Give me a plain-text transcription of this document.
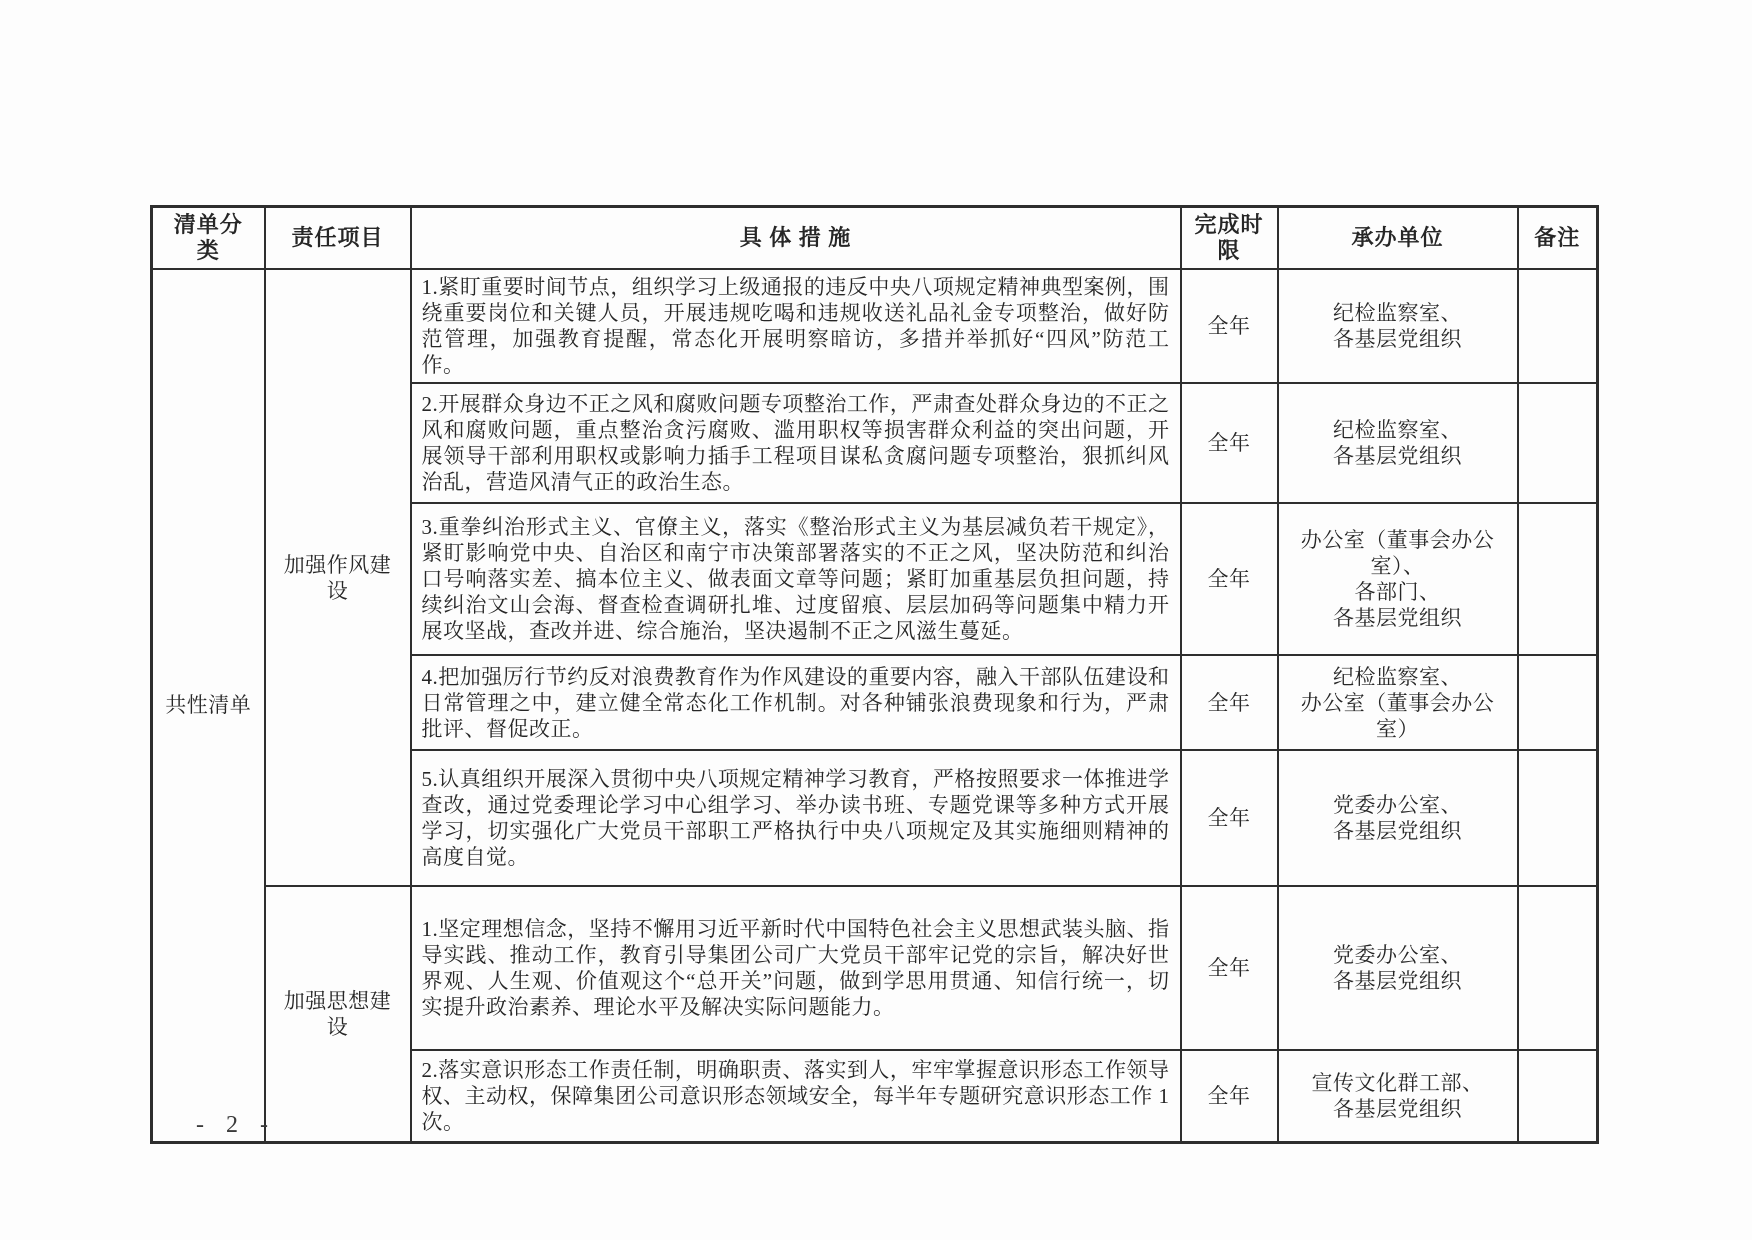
清单分类	责任项目	具 体 措 施	完成时限	承办单位	备注
共性清单	加强作风建设	1.紧盯重要时间节点，组织学习上级通报的违反中央八项规定精神典型案例，围绕重要岗位和关键人员，开展违规吃喝和违规收送礼品礼金专项整治，做好防范管理，加强教育提醒，常态化开展明察暗访，多措并举抓好“四风”防范工作。	全年	纪检监察室、
各基层党组织	

		2.开展群众身边不正之风和腐败问题专项整治工作，严肃查处群众身边的不正之风和腐败问题，重点整治贪污腐败、滥用职权等损害群众利益的突出问题，开展领导干部利用职权或影响力插手工程项目谋私贪腐问题专项整治，狠抓纠风治乱，营造风清气正的政治生态。	全年	纪检监察室、
各基层党组织	

		3.重拳纠治形式主义、官僚主义，落实《整治形式主义为基层减负若干规定》，紧盯影响党中央、自治区和南宁市决策部署落实的不正之风，坚决防范和纠治口号响落实差、搞本位主义、做表面文章等问题；紧盯加重基层负担问题，持续纠治文山会海、督查检查调研扎堆、过度留痕、层层加码等问题集中精力开展攻坚战，查改并进、综合施治，坚决遏制不正之风滋生蔓延。	全年	办公室（董事会办公室）、
各部门、
各基层党组织	

		4.把加强厉行节约反对浪费教育作为作风建设的重要内容，融入干部队伍建设和日常管理之中，建立健全常态化工作机制。对各种铺张浪费现象和行为，严肃批评、督促改正。	全年	纪检监察室、
办公室（董事会办公室）	

		5.认真组织开展深入贯彻中央八项规定精神学习教育，严格按照要求一体推进学查改，通过党委理论学习中心组学习、举办读书班、专题党课等多种方式开展学习，切实强化广大党员干部职工严格执行中央八项规定及其实施细则精神的高度自觉。	全年	党委办公室、
各基层党组织	

	加强思想建设	1.坚定理想信念，坚持不懈用习近平新时代中国特色社会主义思想武装头脑、指导实践、推动工作，教育引导集团公司广大党员干部牢记党的宗旨，解决好世界观、人生观、价值观这个“总开关”问题，做到学思用贯通、知信行统一，切实提升政治素养、理论水平及解决实际问题能力。	全年	党委办公室、
各基层党组织	

		2.落实意识形态工作责任制，明确职责、落实到人，牢牢掌握意识形态工作领导权、主动权，保障集团公司意识形态领域安全，每半年专题研究意识形态工作 1 次。	全年	宣传文化群工部、
各基层党组织	

- 2 -
